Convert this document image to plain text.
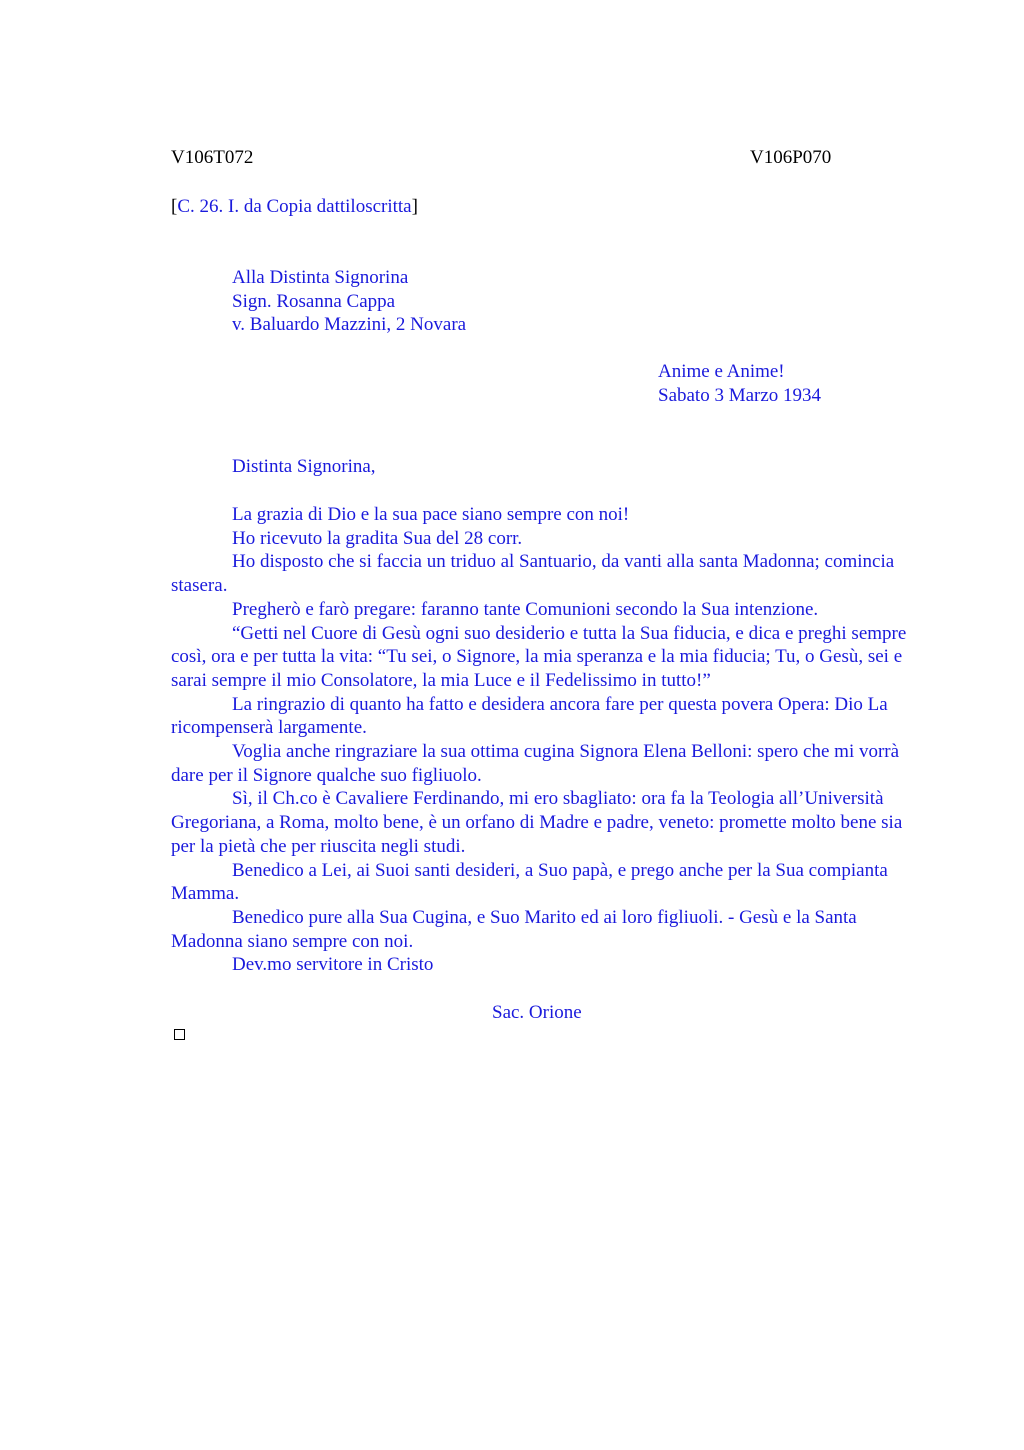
V106T072	V106P070
[C. 26. I. da Copia dattiloscritta]
Alla Distinta Signorina
Sign. Rosanna Cappa
v. Baluardo Mazzini, 2 Novara
Anime e Anime!
Sabato 3 Marzo 1934
Distinta Signorina,

La grazia di Dio e la sua pace siano sempre con noi!

Ho ricevuto la gradita Sua del 28 corr.

Ho disposto che si faccia un triduo al Santuario, da vanti alla santa Madonna; comincia stasera.

Pregherò e farò pregare: faranno tante Comunioni secondo la Sua intenzione.

“Getti nel Cuore di Gesù ogni suo desiderio e tutta la Sua fiducia, e dica e preghi sempre così, ora e per tutta la vita: “Tu sei, o Signore, la mia speranza e la mia fiducia; Tu, o Gesù, sei e sarai sempre il mio Consolatore, la mia Luce e il Fedelissimo in tutto!”

La ringrazio di quanto ha fatto e desidera ancora fare per questa povera Opera: Dio La ricompenserà largamente.

Voglia anche ringraziare la sua ottima cugina Signora Elena Belloni: spero che mi vorrà dare per il Signore qualche suo figliuolo.

Sì, il Ch.co è Cavaliere Ferdinando, mi ero sbagliato: ora fa la Teologia all’Università Gregoriana, a Roma, molto bene, è un orfano di Madre e padre, veneto: promette molto bene sia per la pietà che per riuscita negli studi.

Benedico a Lei, ai Suoi santi desideri, a Suo papà, e prego anche per la Sua compianta Mamma.

Benedico pure alla Sua Cugina, e Suo Marito ed ai loro figliuoli. - Gesù e la Santa Madonna siano sempre con noi.

Dev.mo servitore in Cristo

Sac. Orione
